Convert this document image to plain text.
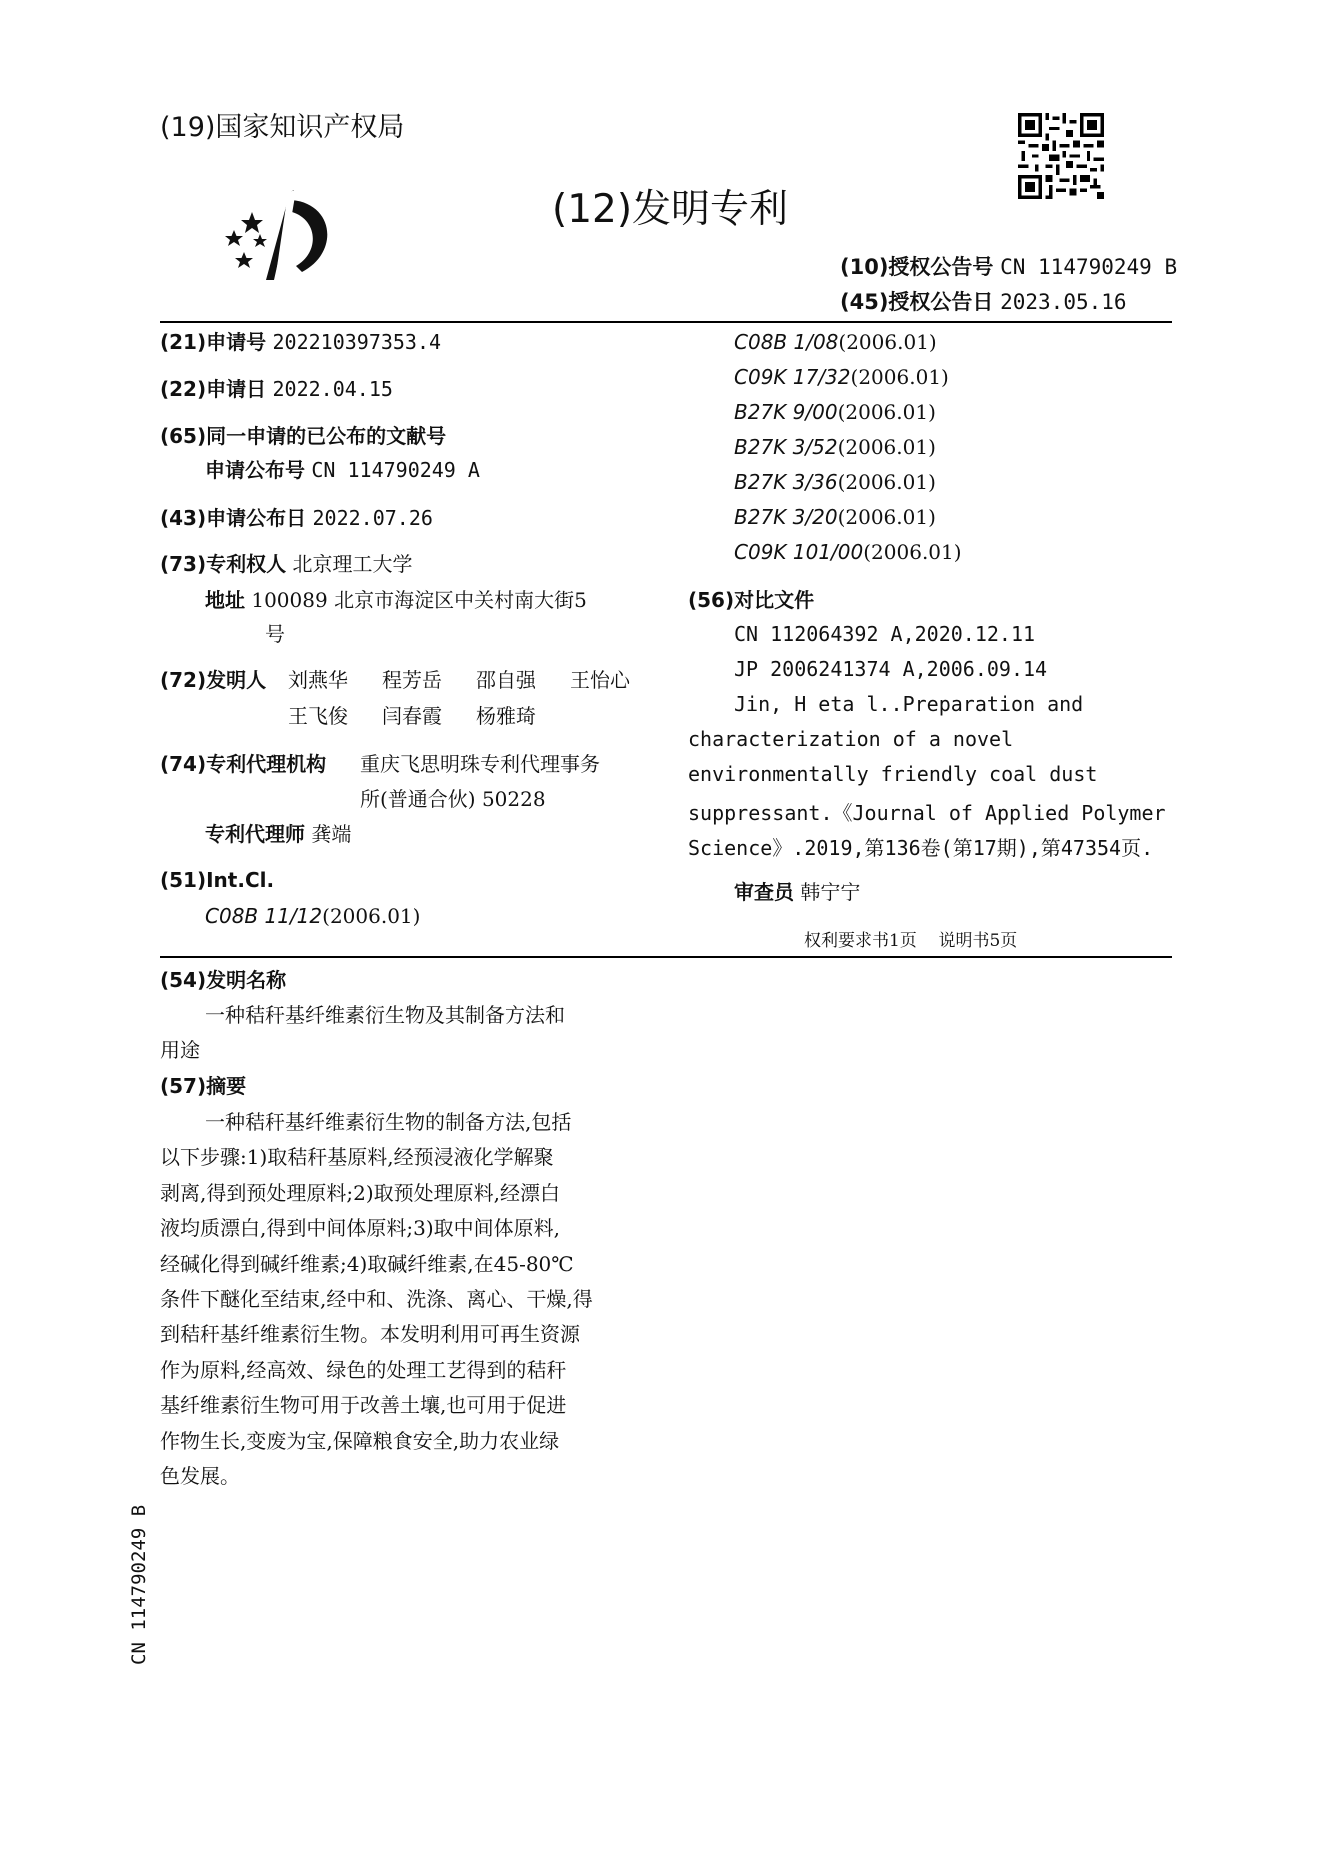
(19)国家知识产权局
(12)发明专利
(10)授权公告号 CN 114790249 B
(45)授权公告日 2023.05.16
(21)申请号 202210397353.4
(22)申请日 2022.04.15
(65)同一申请的已公布的文献号
申请公布号 CN 114790249 A
(43)申请公布日 2022.07.26
(73)专利权人 北京理工大学
地址 100089 北京市海淀区中关村南大街5
号
(72)发明人 刘燕华 程芳岳 邵自强 王怡心
王飞俊 闫春霞 杨雅琦
(74)专利代理机构 重庆飞思明珠专利代理事务
所(普通合伙) 50228
专利代理师 龚端
(51)Int.Cl.
C08B 11/12(2006.01)
C08B 1/08(2006.01)
C09K 17/32(2006.01)
B27K 9/00(2006.01)
B27K 3/52(2006.01)
B27K 3/36(2006.01)
B27K 3/20(2006.01)
C09K 101/00(2006.01)
(56)对比文件
CN 112064392 A,2020.12.11
JP 2006241374 A,2006.09.14
Jin, H eta l..Preparation and
characterization of a novel
environmentally friendly coal dust
suppressant.《Journal of Applied Polymer
Science》.2019,第136卷(第17期),第47354页.
审查员 韩宁宁
权利要求书1页 说明书5页
(54)发明名称
一种秸秆基纤维素衍生物及其制备方法和
用途
(57)摘要
一种秸秆基纤维素衍生物的制备方法,包括
以下步骤:1)取秸秆基原料,经预浸液化学解聚
剥离,得到预处理原料;2)取预处理原料,经漂白
液均质漂白,得到中间体原料;3)取中间体原料,
经碱化得到碱纤维素;4)取碱纤维素,在45-80℃
条件下醚化至结束,经中和、洗涤、离心、干燥,得
到秸秆基纤维素衍生物。本发明利用可再生资源
作为原料,经高效、绿色的处理工艺得到的秸秆
基纤维素衍生物可用于改善土壤,也可用于促进
作物生长,变废为宝,保障粮食安全,助力农业绿
色发展。
CN 114790249 B
